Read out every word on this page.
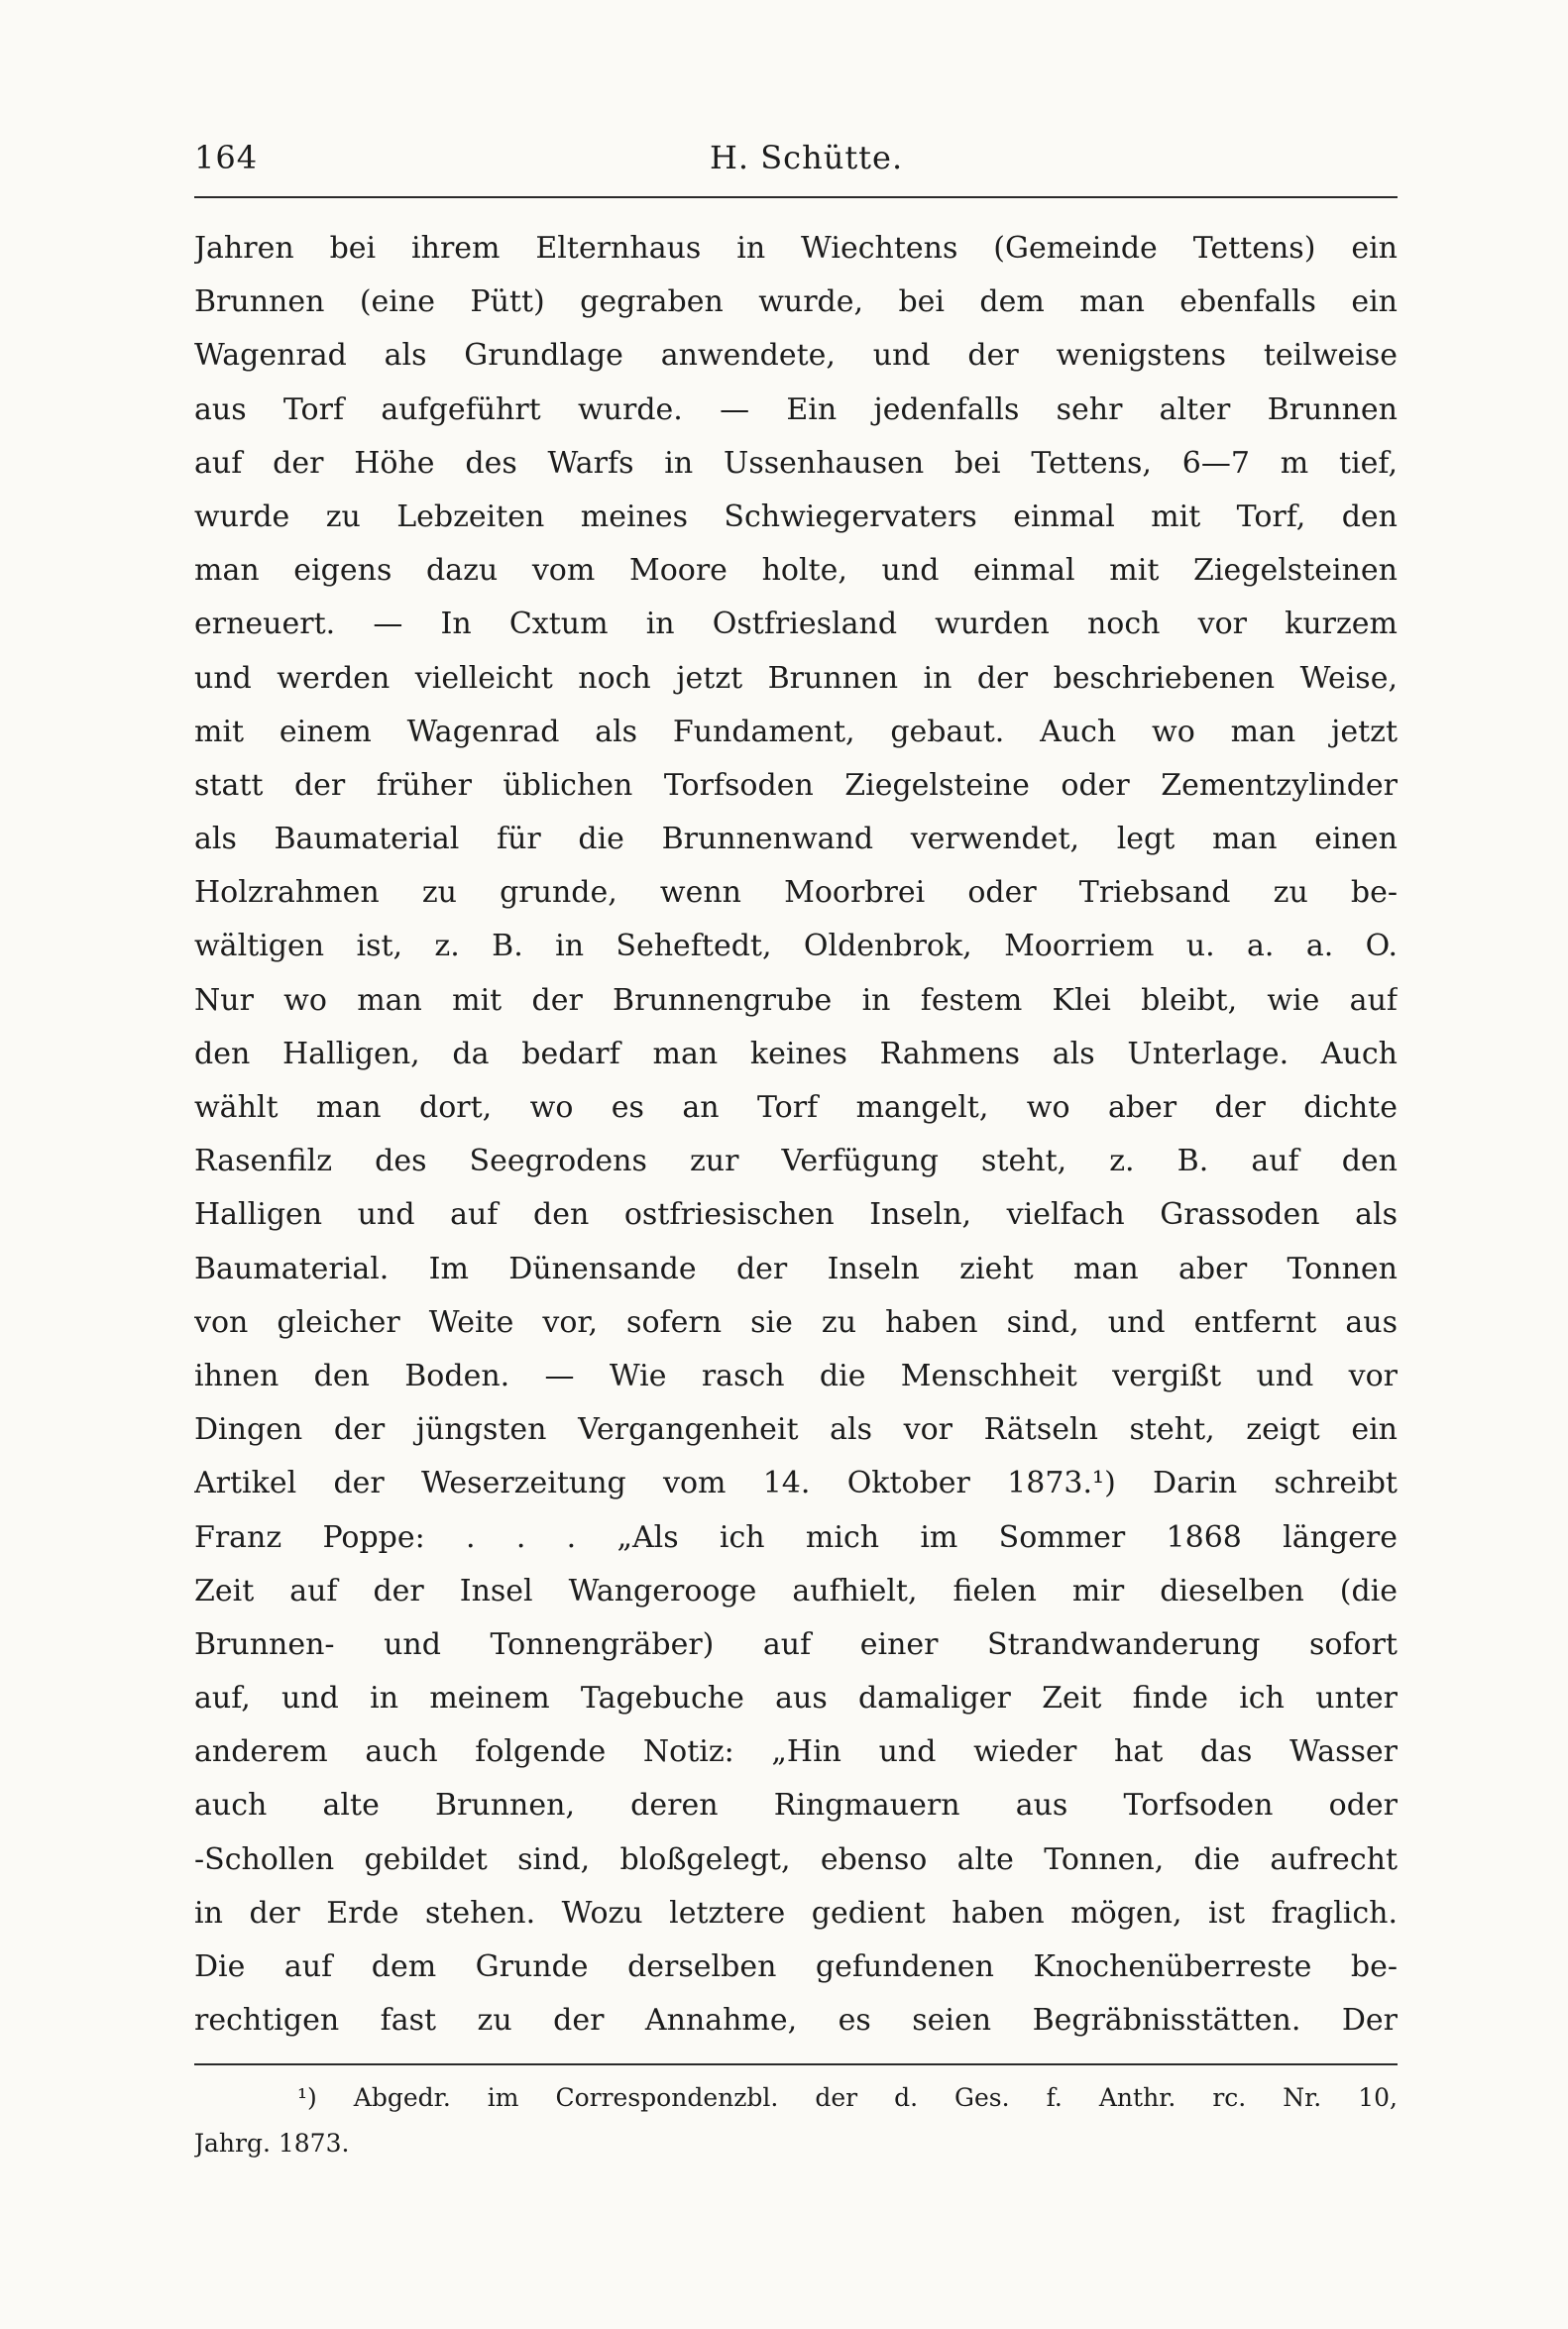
164	H. Schütte.
Jahren bei ihrem Elternhaus in Wiechtens (Gemeinde Tettens) ein
Brunnen (eine Pütt) gegraben wurde, bei dem man ebenfalls ein
Wagenrad als Grundlage anwendete, und der wenigstens teilweise
aus Torf aufgeführt wurde. — Ein jedenfalls sehr alter Brunnen
auf der Höhe des Warfs in Ussenhausen bei Tettens, 6—7 m tief,
wurde zu Lebzeiten meines Schwiegervaters einmal mit Torf, den
man eigens dazu vom Moore holte, und einmal mit Ziegelsteinen
erneuert. — In Cxtum in Ostfriesland wurden noch vor kurzem
und werden vielleicht noch jetzt Brunnen in der beschriebenen Weise,
mit einem Wagenrad als Fundament, gebaut. Auch wo man jetzt
statt der früher üblichen Torfsoden Ziegelsteine oder Zementzylinder
als Baumaterial für die Brunnenwand verwendet, legt man einen
Holzrahmen zu grunde, wenn Moorbrei oder Triebsand zu be-
wältigen ist, z. B. in Seheftedt, Oldenbrok, Moorriem u. a. a. O.
Nur wo man mit der Brunnengrube in festem Klei bleibt, wie auf
den Halligen, da bedarf man keines Rahmens als Unterlage. Auch
wählt man dort, wo es an Torf mangelt, wo aber der dichte
Rasenfilz des Seegrodens zur Verfügung steht, z. B. auf den
Halligen und auf den ostfriesischen Inseln, vielfach Grassoden als
Baumaterial. Im Dünensande der Inseln zieht man aber Tonnen
von gleicher Weite vor, sofern sie zu haben sind, und entfernt aus
ihnen den Boden. — Wie rasch die Menschheit vergißt und vor
Dingen der jüngsten Vergangenheit als vor Rätseln steht, zeigt ein
Artikel der Weserzeitung vom 14. Oktober 1873.¹) Darin schreibt
Franz Poppe: . . . „Als ich mich im Sommer 1868 längere
Zeit auf der Insel Wangerooge aufhielt, fielen mir dieselben (die
Brunnen- und Tonnengräber) auf einer Strandwanderung sofort
auf, und in meinem Tagebuche aus damaliger Zeit finde ich unter
anderem auch folgende Notiz: „Hin und wieder hat das Wasser
auch alte Brunnen, deren Ringmauern aus Torfsoden oder
-Schollen gebildet sind, bloßgelegt, ebenso alte Tonnen, die aufrecht
in der Erde stehen. Wozu letztere gedient haben mögen, ist fraglich.
Die auf dem Grunde derselben gefundenen Knochenüberreste be-
rechtigen fast zu der Annahme, es seien Begräbnisstätten. Der
¹) Abgedr. im Correspondenzbl. der d. Ges. f. Anthr. rc. Nr. 10,
Jahrg. 1873.
